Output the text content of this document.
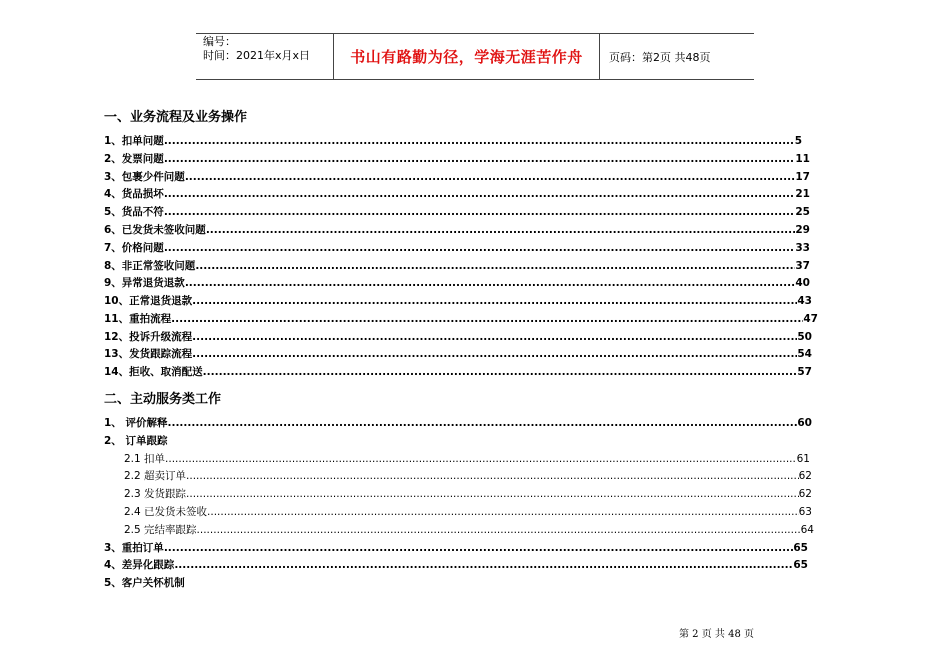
编号：
时间：2021年x月x日	书山有路勤为径，学海无涯苦作舟	页码：第2页 共48页
一、业务流程及业务操作
1、扣单问题 .....	5
2、发票问题 .....	11
3、包裹少件问题 .....	17
4、货品损坏 .....	21
5、货品不符 .....	25
6、已发货未签收问题 .....	29
7、价格问题 .....	33
8、非正常签收问题 .....	37
9、异常退货退款 .....	40
10、正常退货退款 .....	43
11、重拍流程 .....	47
12、投诉升级流程 .....	50
13、发货跟踪流程 .....	54
14、拒收、取消配送 .....	57
二、主动服务类工作
1、 评价解释 .....	60
2、 订单跟踪
2.1 扣单 .....	61
2.2 超卖订单 .....	62
2.3 发货跟踪 .....	62
2.4 已发货未签收 .....	63
2.5 完结率跟踪 .....	64
3、重拍订单 .....	65
4、差异化跟踪 .....	65
5、客户关怀机制
第 2 页 共 48 页
